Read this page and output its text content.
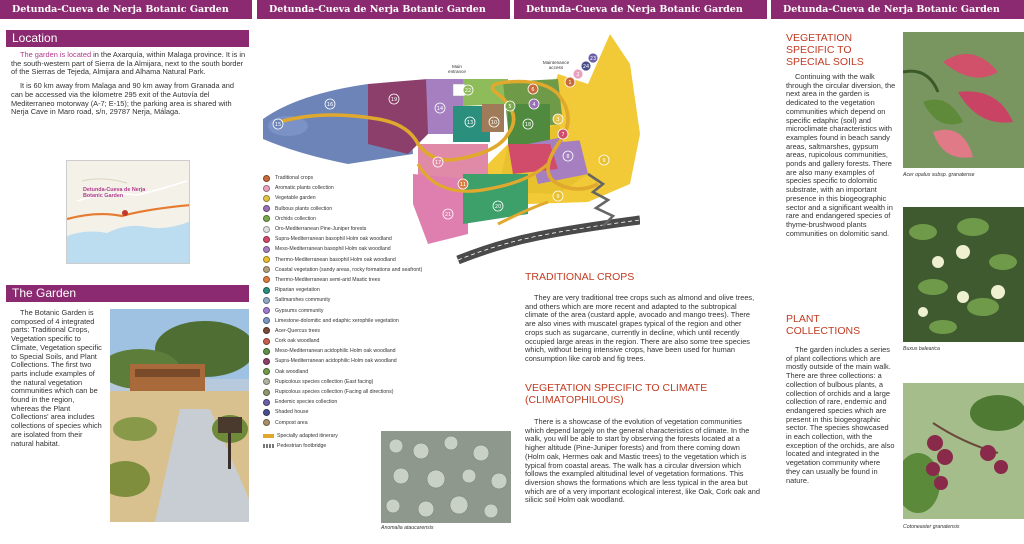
Detunda-Cueva de Nerja Botanic Garden	Detunda-Cueva de Nerja Botanic Garden	Detunda-Cueva de Nerja Botanic Garden	Detunda-Cueva de Nerja Botanic Garden
Location

The garden is located in the Axarquía, within Malaga province. It is in the south-western part of Sierra de la Almijara, next to the south border of the Sierras de Tejeda, Almijara and Alhama Natural Park.

It is 60 km away from Malaga and 90 km away from Granada and can be accessed via the kilometre 295 exit of the Autovía del Mediterraneo motorway (A-7; E-15); the parking area is shared with Nerja Cave in Maro road, s/n, 29787 Nerja, Málaga.

Detunda-Cueva de Nerja Botanic Garden
The Garden

The Botanic Garden is composed of 4 integrated parts: Traditional Crops, Vegetation specific to Climate, Vegetation specific to Special Soils, and Plant Collections. The first two parts include examples of the natural vegetation communities which can be found in the region, whereas the Plant Collections' area includes collections of species which are isolated from their natural habitat.

15
16
19
14
22
13	10
5	4
18
3
7
8
9
9
20
11
21
17
2
1
24
23
6
Main entrance
Maintenance access
Traditional crops
Aromatic plants collection
Vegetable garden
Bulbous plants collection
Orchids collection
Oro-Mediterranean Pine-Juniper forests
Supra-Mediterranean basophil Holm oak woodland
Meso-Mediterranean basophil Holm oak woodland
Thermo-Mediterranean basophil Holm oak woodland
Coastal vegetation (sandy areas, rocky formations and seafront)
Thermo-Mediterranean semi-arid Mastic trees
Riparian vegetation
Saltmarshes community
Gypsums community
Limestone-dolomitic and edaphic xerophile vegetation
Acer-Quercus trees
Cork oak woodland
Meso-Mediterranean acidophilic Holm oak woodland
Supra-Mediterranean acidophilic Holm oak woodland
Oak woodland
Rupicolous species collection (East facing)
Rupicolous species collection (Facing all directions)
Endemic species collection
Shaded house
Compost area
Specially adapted itinerary
Pedestrian footbridge
Anomalia ataucarensis
TRADITIONAL CROPS

They are very traditional tree crops such as almond and olive trees, and others which are more recent and adapted to the subtropical climate of the area (custard apple, avocado and mango trees). There are also vines with muscatel grapes typical of the region and other crops such as sugarcane, currently in decline, which until recently occupied large areas in the region. There are also some tree species which, without being intensive crops, have been used for human consumption like carob and fig trees.

VEGETATION SPECIFIC TO CLIMATE (CLIMATOPHILOUS)

There is a showcase of the evolution of vegetation communities which depend largely on the general characteristics of climate. In the walk, you will be able to start by observing the forests located at a higher altitude (Pine-Juniper forests) and from there coming down (Holm oak, Hermes oak and Mastic trees) to the vegetation which is typical from coastal areas. The walk has a circular diversion which follows the exampled altitudinal level of vegetation formations. This diversion shows the formations which are less typical in the area but which are of a very important ecological interest, like Oak, Cork oak and silicic soil Holm oak woodland.

VEGETATION SPECIFIC TO SPECIAL SOILS

Continuing with the walk through the circular diversion, the next area in the garden is dedicated to the vegetation communities which depend on specific edaphic (soil) and microclimate characteristics with examples found in beach sandy areas, saltmarshes, gypsum areas, rupicolous communities, ponds and gallery forests. There are also many examples of species specific to dolomitic substrate, with an important presence in this biogeographic sector and a significant wealth in rare and endangered species of thyme-brushwood plants communities on dolomitic sand.

PLANT COLLECTIONS

The garden includes a series of plant collections which are mostly outside of the main walk. There are three collections: a collection of bulbous plants, a collection of orchids and a large collection of rare, endemic and endangered species which are present in this biogeographic sector. The species showcased in each collection, with the exception of the orchids, are also located and integrated in the vegetation community where they can usually be found in nature.

Acer opalus subsp. granatense
Buxus balearica
Cotoneaster granatensis
